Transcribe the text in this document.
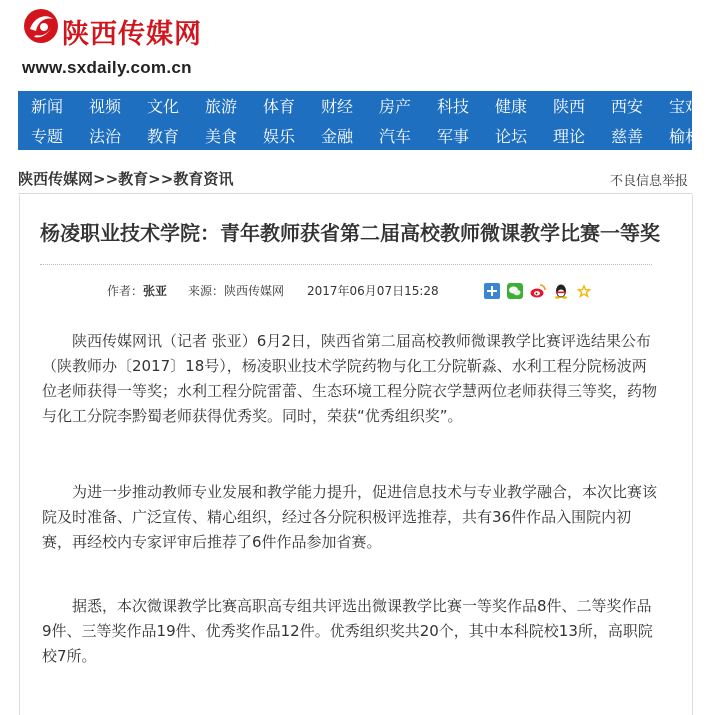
陕西传媒网
www.sxdaily.com.cn
新闻	视频	文化	旅游	体育	财经	房产	科技	健康	陕西	西安	宝鸡
专题	法治	教育	美食	娱乐	金融	汽车	军事	论坛	理论	慈善	榆林
陕西传媒网>>教育>>教育资讯	不良信息举报
杨凌职业技术学院：青年教师获省第二届高校教师微课教学比赛一等奖
作者：张亚 来源：陕西传媒网 2017年06月07日15:28

陕西传媒网讯（记者 张亚）6月2日，陕西省第二届高校教师微课教学比赛评选结果公布（陕教师办〔2017〕18号），杨凌职业技术学院药物与化工分院靳淼、水利工程分院杨波两位老师获得一等奖；水利工程分院雷蕾、生态环境工程分院衣学慧两位老师获得三等奖，药物与化工分院李黔蜀老师获得优秀奖。同时，荣获“优秀组织奖”。

为进一步推动教师专业发展和教学能力提升，促进信息技术与专业教学融合，本次比赛该院及时准备、广泛宣传、精心组织，经过各分院积极评选推荐，共有36件作品入围院内初赛，再经校内专家评审后推荐了6件作品参加省赛。

据悉，本次微课教学比赛高职高专组共评选出微课教学比赛一等奖作品8件、二等奖作品9件、三等奖作品19件、优秀奖作品12件。优秀组织奖共20个，其中本科院校13所，高职院校7所。
